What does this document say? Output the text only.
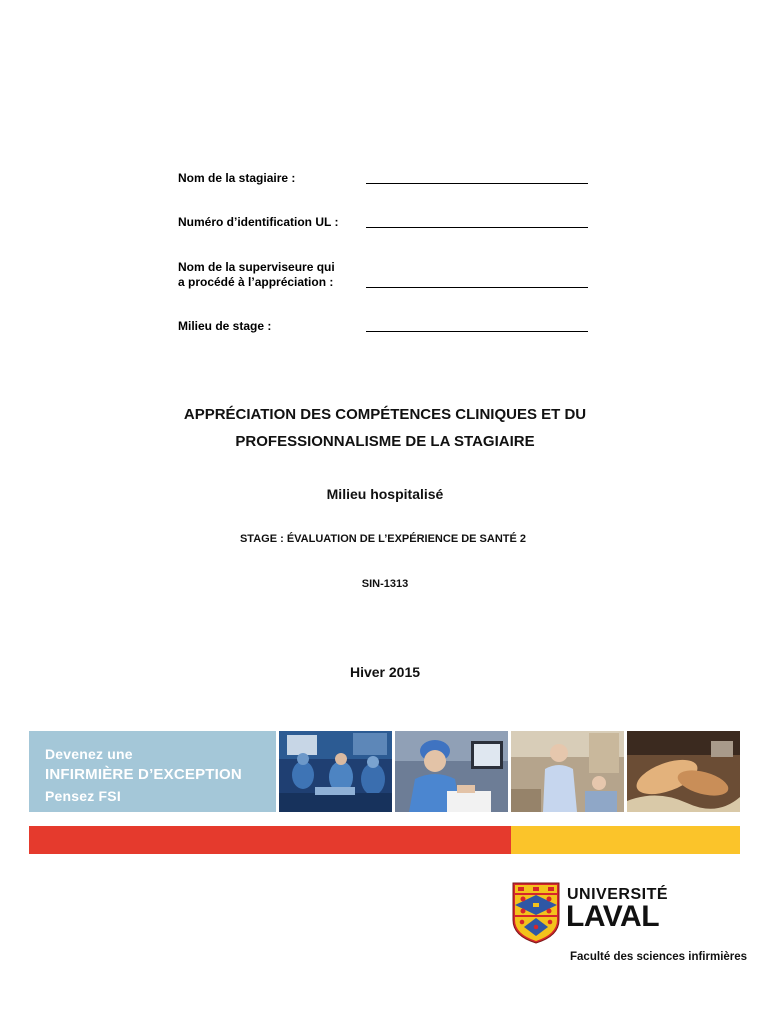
Nom de la stagiaire :
Numéro d’identification UL :
Nom de la superviseure qui
a procédé à l’appréciation :
Milieu de stage :
APPRÉCIATION DES COMPÉTENCES CLINIQUES ET DU
PROFESSIONNALISME DE LA STAGIAIRE
Milieu hospitalisé
STAGE : ÉVALUATION DE L’EXPÉRIENCE DE SANTÉ 2
SIN-1313
Hiver 2015
Devenez une
INFIRMIÈRE D’EXCEPTION
Pensez FSI
UNIVERSITÉ
LAVAL
Faculté des sciences infirmières
